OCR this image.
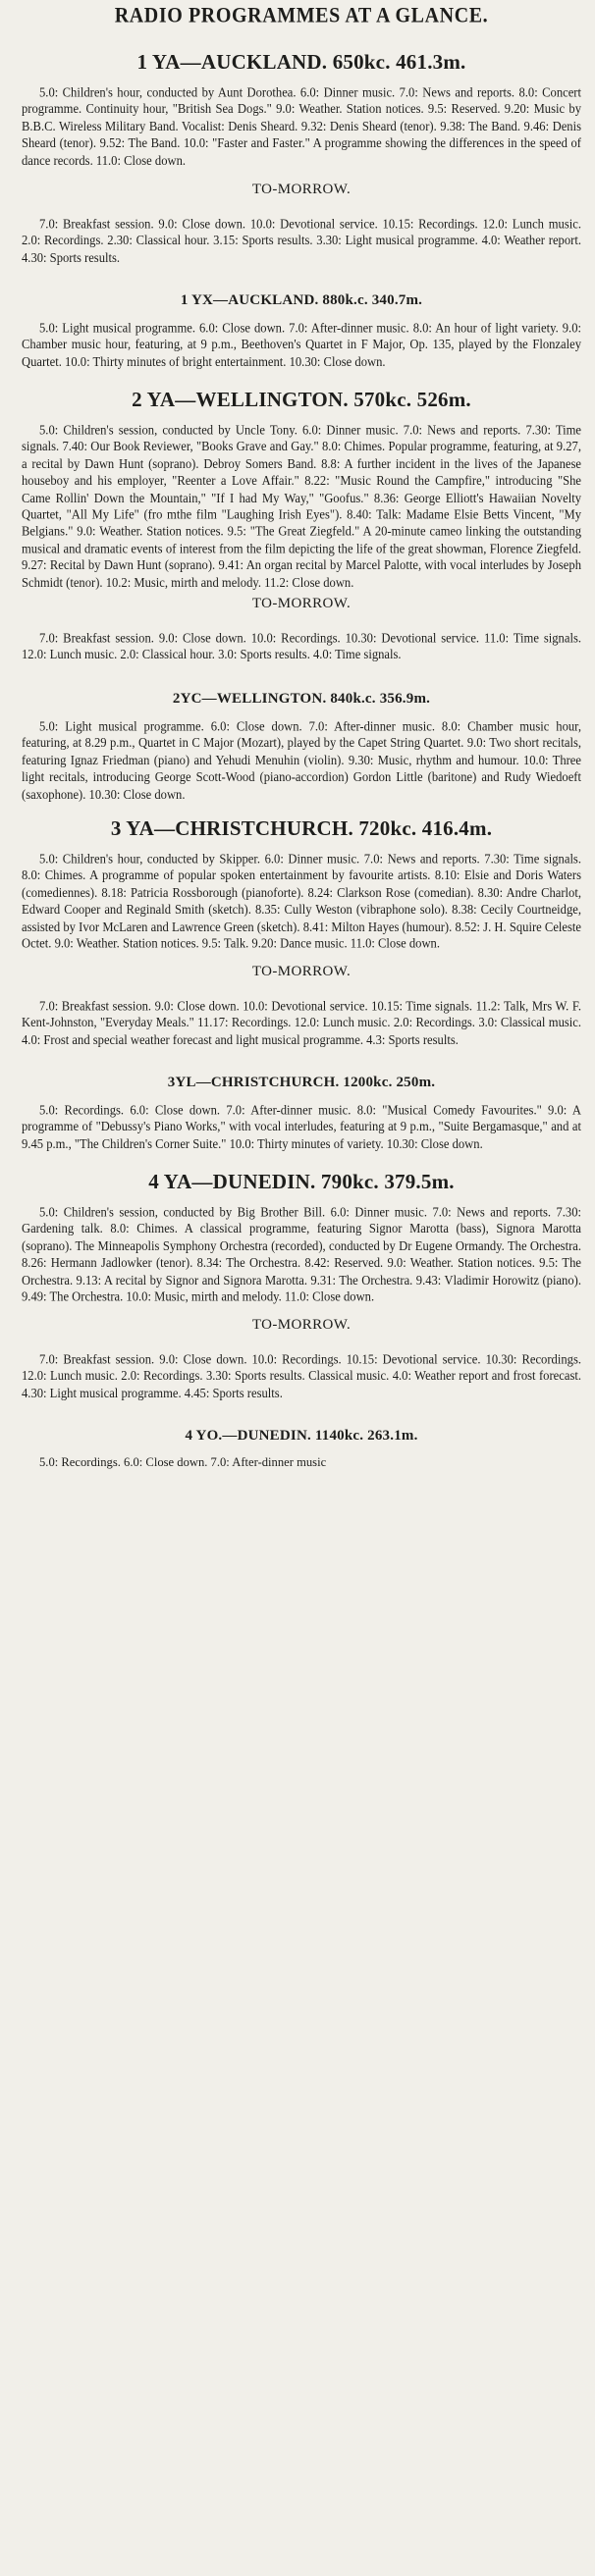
RADIO PROGRAMMES AT A GLANCE.
1 YA—AUCKLAND. 650kc. 461.3m.

5.0: Children's hour, conducted by Aunt Dorothea. 6.0: Dinner music. 7.0: News and reports. 8.0: Concert programme. Continuity hour, "British Sea Dogs." 9.0: Weather. Station notices. 9.5: Reserved. 9.20: Music by B.B.C. Wireless Military Band. Vocalist: Denis Sheard. 9.32: Denis Sheard (tenor). 9.38: The Band. 9.46: Denis Sheard (tenor). 9.52: The Band. 10.0: "Faster and Faster." A programme showing the differences in the speed of dance records. 11.0: Close down.

TO-MORROW.

7.0: Breakfast session. 9.0: Close down. 10.0: Devotional service. 10.15: Recordings. 12.0: Lunch music. 2.0: Recordings. 2.30: Classical hour. 3.15: Sports results. 3.30: Light musical programme. 4.0: Weather report. 4.30: Sports results.

1 YX—AUCKLAND. 880k.c. 340.7m.

5.0: Light musical programme. 6.0: Close down. 7.0: After-dinner music. 8.0: An hour of light variety. 9.0: Chamber music hour, featuring, at 9 p.m., Beethoven's Quartet in F Major, Op. 135, played by the Flonzaley Quartet. 10.0: Thirty minutes of bright entertainment. 10.30: Close down.

2 YA—WELLINGTON. 570kc. 526m.

5.0: Children's session, conducted by Uncle Tony. 6.0: Dinner music. 7.0: News and reports. 7.30: Time signals. 7.40: Our Book Reviewer, "Books Grave and Gay." 8.0: Chimes. Popular programme, featuring, at 9.27, a recital by Dawn Hunt (soprano). Debroy Somers Band. 8.8: A further incident in the lives of the Japanese houseboy and his employer, "Reenter a Love Affair." 8.22: "Music Round the Campfire," introducing "She Came Rollin' Down the Mountain," "If I had My Way," "Goofus." 8.36: George Elliott's Hawaiian Novelty Quartet, "All My Life" (fro mthe film "Laughing Irish Eyes"). 8.40: Talk: Madame Elsie Betts Vincent, "My Belgians." 9.0: Weather. Station notices. 9.5: "The Great Ziegfeld." A 20-minute cameo linking the outstanding musical and dramatic events of interest from the film depicting the life of the great showman, Florence Ziegfeld. 9.27: Recital by Dawn Hunt (soprano). 9.41: An organ recital by Marcel Palotte, with vocal interludes by Joseph Schmidt (tenor). 10.2: Music, mirth and melody. 11.2: Close down.

TO-MORROW.

7.0: Breakfast session. 9.0: Close down. 10.0: Recordings. 10.30: Devotional service. 11.0: Time signals. 12.0: Lunch music. 2.0: Classical hour. 3.0: Sports results. 4.0: Time signals.

2YC—WELLINGTON. 840k.c. 356.9m.

5.0: Light musical programme. 6.0: Close down. 7.0: After-dinner music. 8.0: Chamber music hour, featuring, at 8.29 p.m., Quartet in C Major (Mozart), played by the Capet String Quartet. 9.0: Two short recitals, featuring Ignaz Friedman (piano) and Yehudi Menuhin (violin). 9.30: Music, rhythm and humour. 10.0: Three light recitals, introducing George Scott-Wood (piano-accordion) Gordon Little (baritone) and Rudy Wiedoeft (saxophone). 10.30: Close down.

3 YA—CHRISTCHURCH. 720kc. 416.4m.

5.0: Children's hour, conducted by Skipper. 6.0: Dinner music. 7.0: News and reports. 7.30: Time signals. 8.0: Chimes. A programme of popular spoken entertainment by favourite artists. 8.10: Elsie and Doris Waters (comediennes). 8.18: Patricia Rossborough (pianoforte). 8.24: Clarkson Rose (comedian). 8.30: Andre Charlot, Edward Cooper and Reginald Smith (sketch). 8.35: Cully Weston (vibraphone solo). 8.38: Cecily Courtneidge, assisted by Ivor McLaren and Lawrence Green (sketch). 8.41: Milton Hayes (humour). 8.52: J. H. Squire Celeste Octet. 9.0: Weather. Station notices. 9.5: Talk. 9.20: Dance music. 11.0: Close down.

TO-MORROW.

7.0: Breakfast session. 9.0: Close down. 10.0: Devotional service. 10.15: Time signals. 11.2: Talk, Mrs W. F. Kent-Johnston, "Everyday Meals." 11.17: Recordings. 12.0: Lunch music. 2.0: Recordings. 3.0: Classical music. 4.0: Frost and special weather forecast and light musical programme. 4.3: Sports results.

3YL—CHRISTCHURCH. 1200kc. 250m.

5.0: Recordings. 6.0: Close down. 7.0: After-dinner music. 8.0: "Musical Comedy Favourites." 9.0: A programme of "Debussy's Piano Works," with vocal interludes, featuring at 9 p.m., "Suite Bergamasque," and at 9.45 p.m., "The Children's Corner Suite." 10.0: Thirty minutes of variety. 10.30: Close down.

4 YA—DUNEDIN. 790kc. 379.5m.

5.0: Children's session, conducted by Big Brother Bill. 6.0: Dinner music. 7.0: News and reports. 7.30: Gardening talk. 8.0: Chimes. A classical programme, featuring Signor Marotta (bass), Signora Marotta (soprano). The Minneapolis Symphony Orchestra (recorded), conducted by Dr Eugene Ormandy. The Orchestra. 8.26: Hermann Jadlowker (tenor). 8.34: The Orchestra. 8.42: Reserved. 9.0: Weather. Station notices. 9.5: The Orchestra. 9.13: A recital by Signor and Signora Marotta. 9.31: The Orchestra. 9.43: Vladimir Horowitz (piano). 9.49: The Orchestra. 10.0: Music, mirth and melody. 11.0: Close down.

TO-MORROW.

7.0: Breakfast session. 9.0: Close down. 10.0: Recordings. 10.15: Devotional service. 10.30: Recordings. 12.0: Lunch music. 2.0: Recordings. 3.30: Sports results. Classical music. 4.0: Weather report and frost forecast. 4.30: Light musical programme. 4.45: Sports results.

4 YO.—DUNEDIN. 1140kc. 263.1m.

5.0: Recordings. 6.0: Close down. 7.0: After-dinner music
